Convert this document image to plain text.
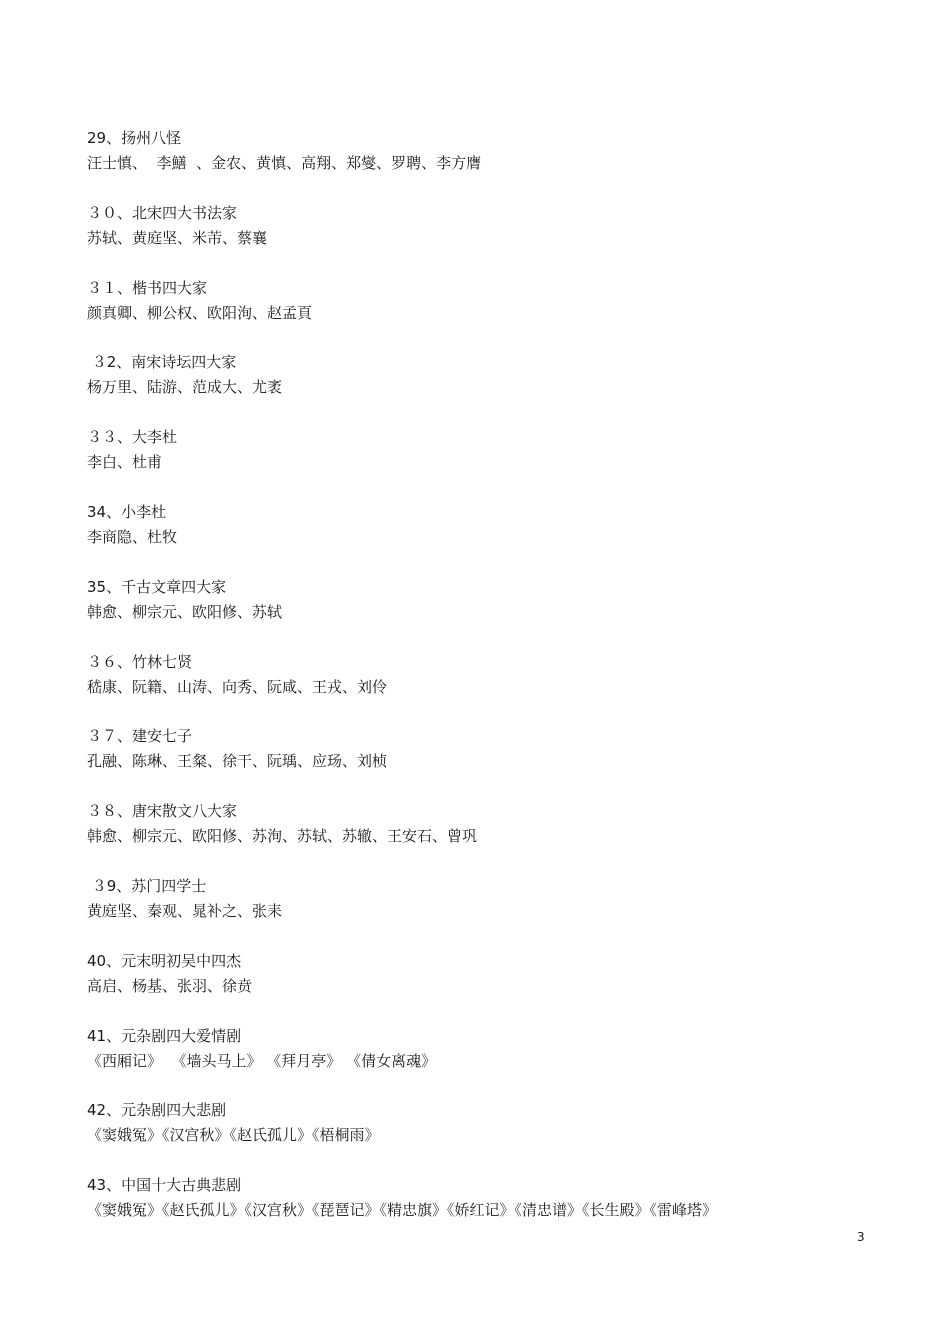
29、扬州八怪
汪士慎、  李鱔  、金农、黄慎、高翔、郑燮、罗聘、李方膺
３０、北宋四大书法家
苏轼、黄庭坚、米芾、蔡襄
３１、楷书四大家
颜真卿、柳公权、欧阳洵、赵孟頁
３2、南宋诗坛四大家
杨万里、陆游、范成大、尤袤
３３、大李杜
李白、杜甫
34、小李杜
李商隐、杜牧
35、千古文章四大家
韩愈、柳宗元、欧阳修、苏轼
３６、竹林七贤
嵇康、阮籍、山涛、向秀、阮咸、王戎、刘伶
３７、建安七子
孔融、陈琳、王粲、徐干、阮瑀、应玚、刘桢
３８、唐宋散文八大家
韩愈、柳宗元、欧阳修、苏洵、苏轼、苏辙、王安石、曾巩
３9、苏门四学士
黄庭坚、秦观、晁补之、张耒
40、元末明初吴中四杰
高启、杨基、张羽、徐贲
41、元杂剧四大爱情剧
《西厢记》  《墙头马上》 《拜月亭》 《倩女离魂》
42、元杂剧四大悲剧
《窦娥冤》《汉宫秋》《赵氏孤儿》《梧桐雨》
43、中国十大古典悲剧
《窦娥冤》《赵氏孤儿》《汉宫秋》《琵琶记》《精忠旗》《娇红记》《清忠谱》《长生殿》《雷峰塔》
3
